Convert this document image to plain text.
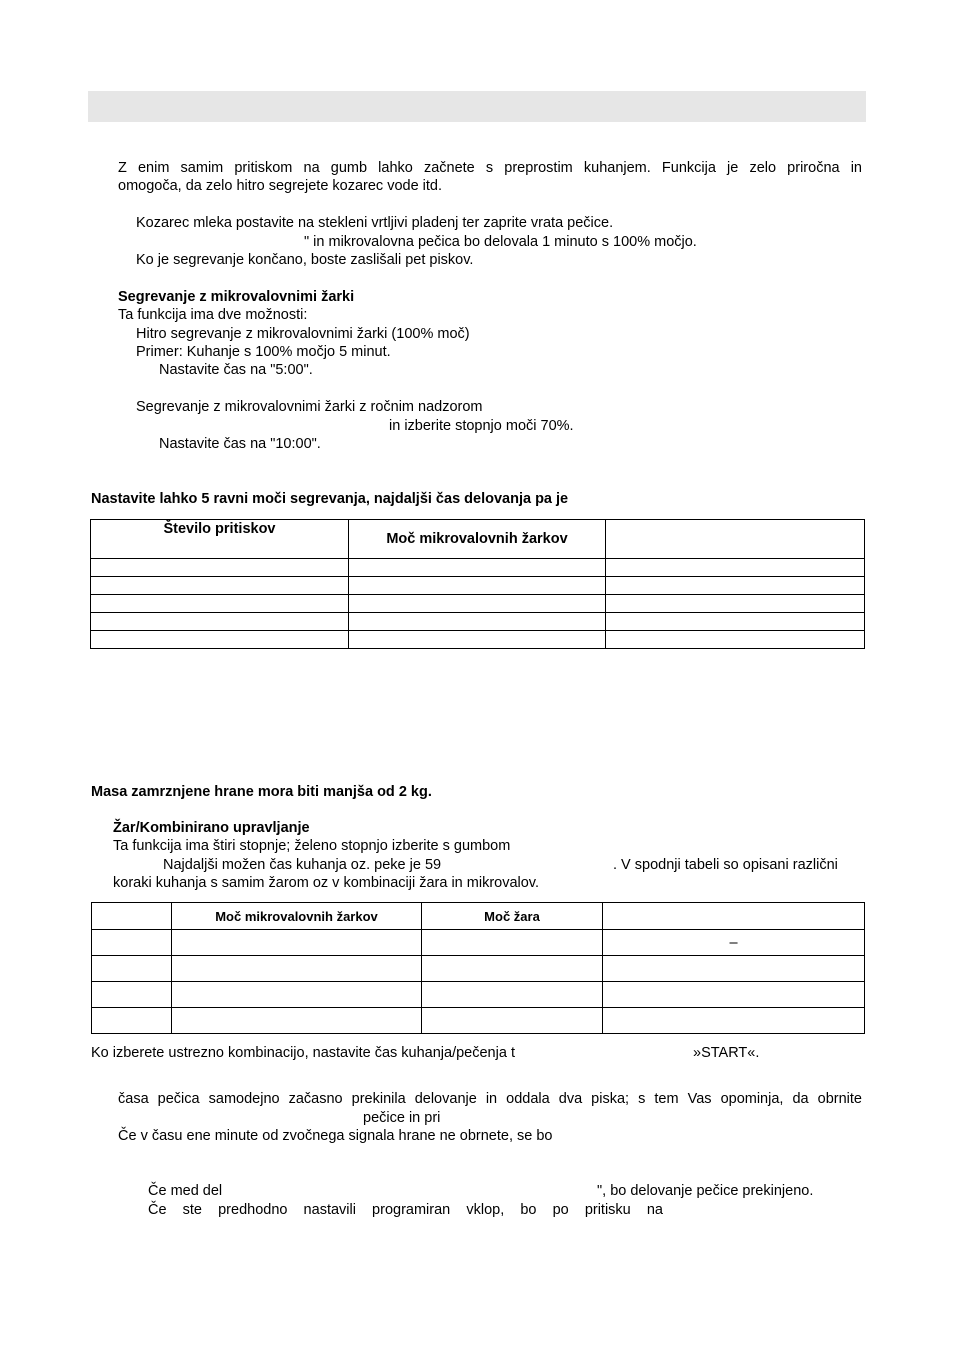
Z enim samim pritiskom na gumb lahko začnete s preprostim kuhanjem. Funkcija je zelo priročna in
omogoča, da zelo hitro segrejete kozarec vode itd.
Kozarec mleka postavite na stekleni vrtljivi pladenj ter zaprite vrata pečice.
" in mikrovalovna pečica bo delovala 1 minuto s 100% močjo.
Ko je segrevanje končano, boste zaslišali pet piskov.
Segrevanje z mikrovalovnimi žarki
Ta funkcija ima dve možnosti:
Hitro segrevanje z mikrovalovnimi žarki (100% moč)
Primer: Kuhanje s 100% močjo 5 minut.
Nastavite čas na "5:00".
Segrevanje z mikrovalovnimi žarki z ročnim nadzorom
in izberite stopnjo moči 70%.
Nastavite čas na "10:00".
Nastavite lahko 5 ravni moči segrevanja, najdaljši čas delovanja pa je
Število pritiskov	Moč mikrovalovnih žarkov	

Masa zamrznjene hrane mora biti manjša od 2 kg.
Žar/Kombinirano upravljanje
Ta funkcija ima štiri stopnje; želeno stopnjo izberite s gumbom
Najdaljši možen čas kuhanja oz. peke je 59	. V spodnji tabeli so opisani različni
koraki kuhanja s samim žarom oz v kombinaciji žara in mikrovalov.
	Moč mikrovalovnih žarkov	Moč žara	
			–

Ko izberete ustrezno kombinacijo, nastavite čas kuhanja/pečenja t	»START«.
časa pečica samodejno začasno prekinila delovanje in oddala dva piska; s tem Vas opominja, da obrnite
pečice in pri
Če v času ene minute od zvočnega signala hrane ne obrnete, se bo
Če med del	", bo delovanje pečice prekinjeno.
Če ste predhodno nastavili programiran vklop, bo po pritisku na
